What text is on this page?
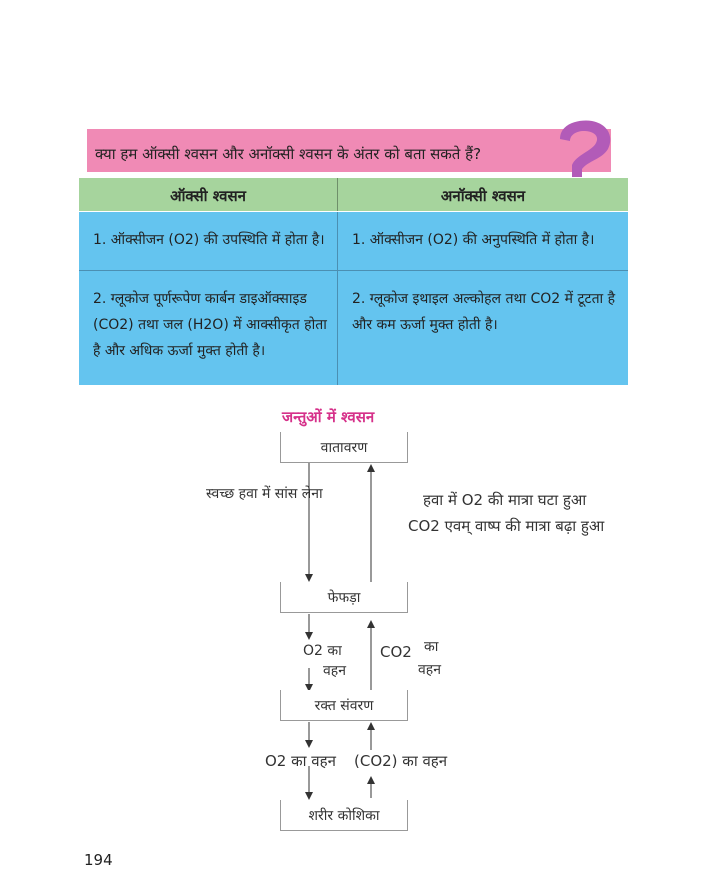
क्या हम ऑक्सी श्वसन और अनॉक्सी श्वसन के अंतर को बता सकते हैं?
ऑक्सी श्वसन	अनॉक्सी श्वसन
1. ऑक्सीजन (O2) की उपस्थिति में होता है। 1. ऑक्सीजन (O2) की अनुपस्थिति में होता है।
2. ग्लूकोज पूर्णरूपेण कार्बन डाइऑक्साइड (CO2) तथा जल (H2O) में आक्सीकृत होता है और अधिक ऊर्जा मुक्त होती है।
2. ग्लूकोज इथाइल अल्कोहल तथा CO2 में टूटता है और कम ऊर्जा मुक्त होती है।
जन्तुओं में श्वसन
वातावरण
फेफड़ा
रक्त संवरण
शरीर कोशिका
स्वच्छ हवा में सांस लेना	हवा में O2 की मात्रा घटा हुआ
CO2 एवम् वाष्प की मात्रा बढ़ा हुआ
O2 का
वहन
CO2 का
वहन
O2 का वहन (CO2) का वहन
194
